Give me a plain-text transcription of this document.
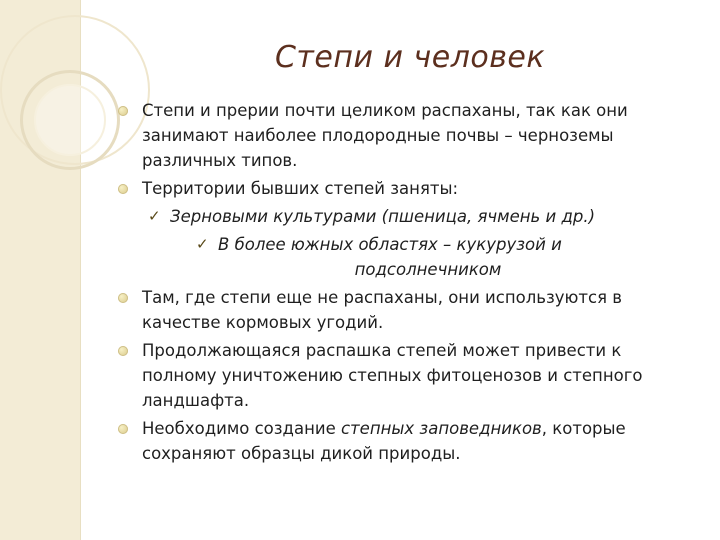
Степи и человек
Степи и прерии почти целиком распаханы, так как они занимают наиболее плодородные почвы – черноземы различных типов.
Территории бывших степей заняты:
✓ Зерновыми культурами (пшеница, ячмень и др.)
✓ В более южных областях – кукурузой и
подсолнечником
Там, где степи еще не распаханы, они используются в качестве кормовых угодий.
Продолжающаяся распашка степей может привести к полному уничтожению степных фитоценозов и степного ландшафта.
Необходимо создание степных заповедников, которые сохраняют образцы дикой природы.
